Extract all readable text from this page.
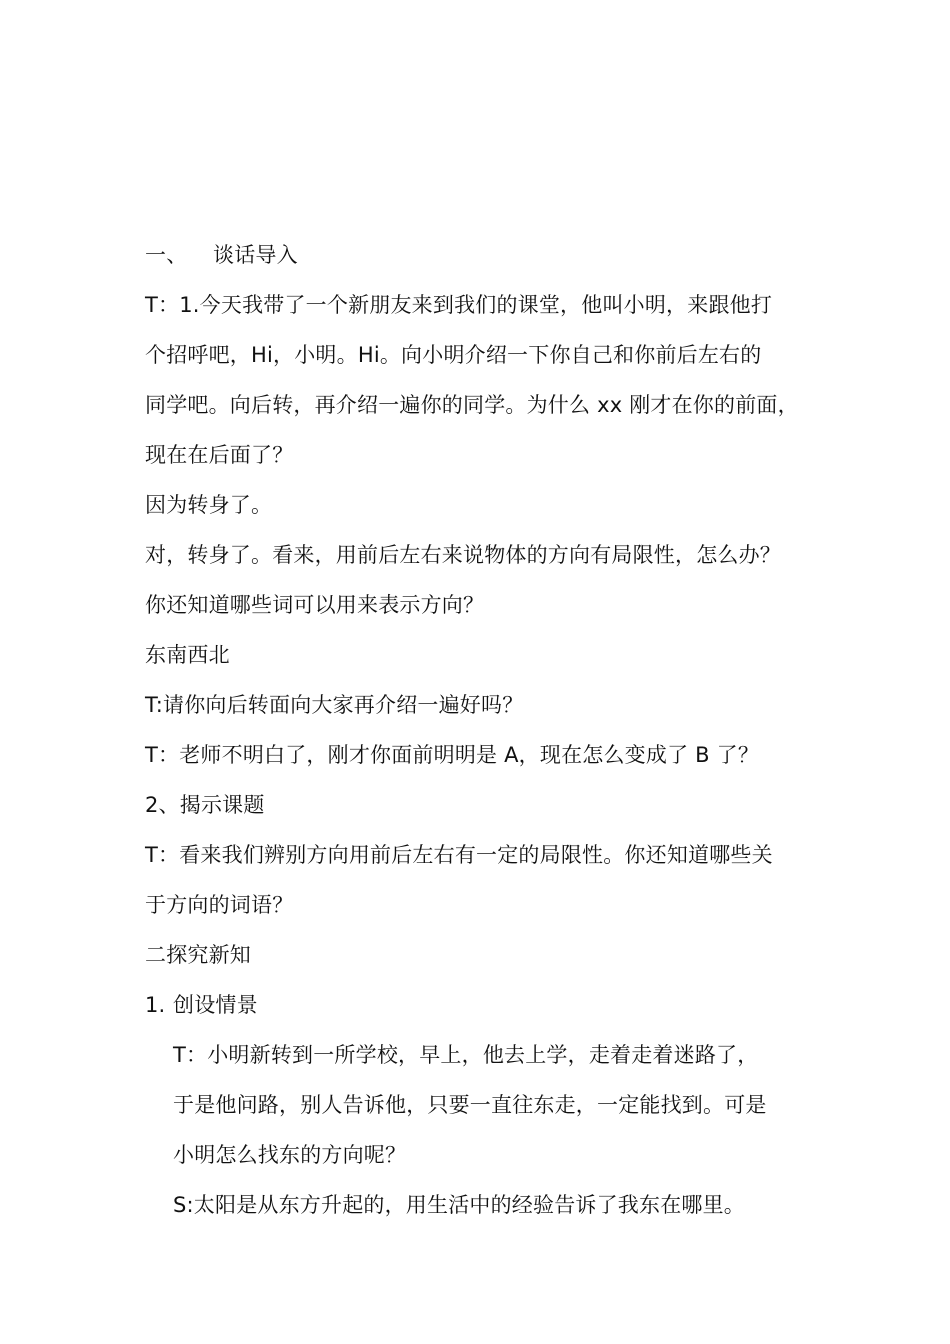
一、 谈话导入
T：1.今天我带了一个新朋友来到我们的课堂，他叫小明，来跟他打
个招呼吧，Hi，小明。Hi。向小明介绍一下你自己和你前后左右的
同学吧。向后转，再介绍一遍你的同学。为什么 xx 刚才在你的前面，
现在在后面了？
因为转身了。
对，转身了。看来，用前后左右来说物体的方向有局限性，怎么办？
你还知道哪些词可以用来表示方向？
东南西北
T:请你向后转面向大家再介绍一遍好吗？
T：老师不明白了，刚才你面前明明是 A，现在怎么变成了 B 了？
2、揭示课题
T：看来我们辨别方向用前后左右有一定的局限性。你还知道哪些关
于方向的词语？
二探究新知
1. 创设情景
T：小明新转到一所学校，早上，他去上学，走着走着迷路了，
于是他问路，别人告诉他，只要一直往东走，一定能找到。可是
小明怎么找东的方向呢？
S:太阳是从东方升起的，用生活中的经验告诉了我东在哪里。
